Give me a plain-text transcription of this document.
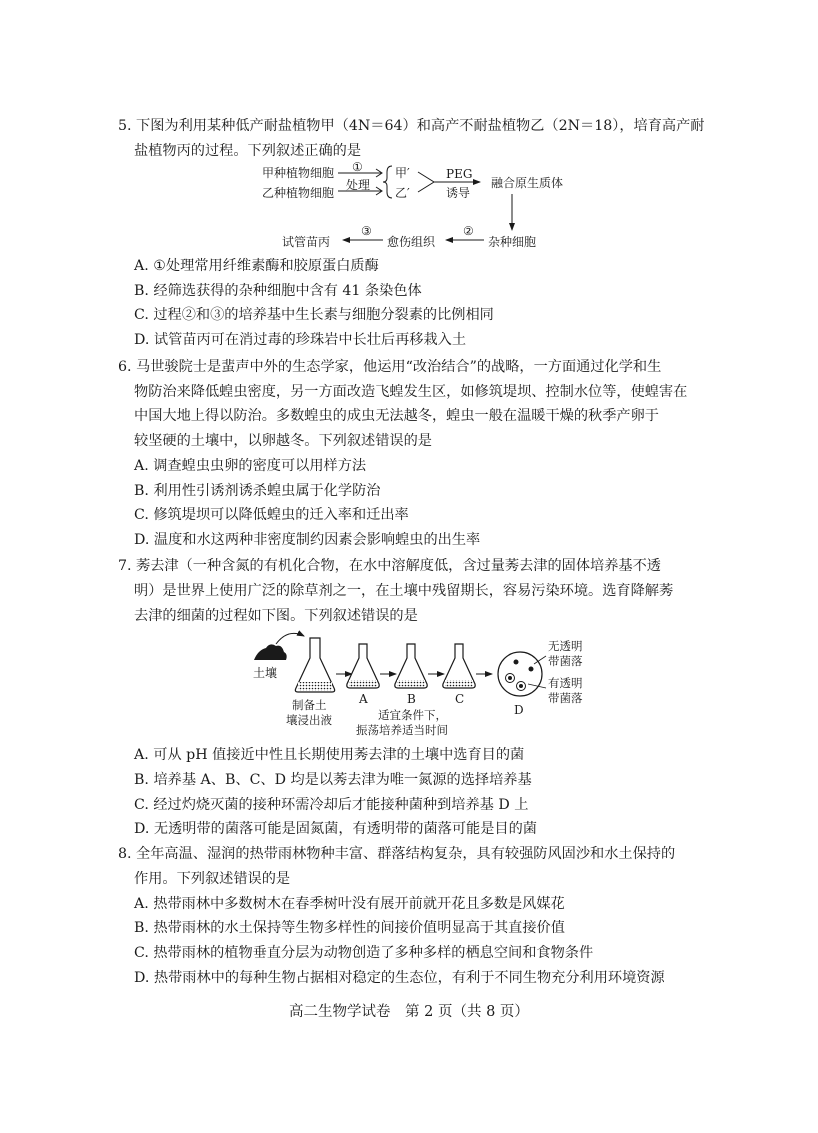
5. 下图为利用某种低产耐盐植物甲（4N＝64）和高产不耐盐植物乙（2N＝18），培育高产耐
盐植物丙的过程。下列叙述正确的是
甲种植物细胞
乙种植物细胞
①
处理
甲′
乙′
PEG
诱导
融合原生质体
杂种细胞
②
愈伤组织
③
试管苗丙
A. ①处理常用纤维素酶和胶原蛋白质酶
B. 经筛选获得的杂种细胞中含有 41 条染色体
C. 过程②和③的培养基中生长素与细胞分裂素的比例相同
D. 试管苗丙可在消过毒的珍珠岩中长壮后再移栽入土
6. 马世骏院士是蜚声中外的生态学家，他运用“改治结合”的战略，一方面通过化学和生
物防治来降低蝗虫密度，另一方面改造飞蝗发生区，如修筑堤坝、控制水位等，使蝗害在
中国大地上得以防治。多数蝗虫的成虫无法越冬，蝗虫一般在温暖干燥的秋季产卵于
较坚硬的土壤中，以卵越冬。下列叙述错误的是
A. 调查蝗虫虫卵的密度可以用样方法
B. 利用性引诱剂诱杀蝗虫属于化学防治
C. 修筑堤坝可以降低蝗虫的迁入率和迁出率
D. 温度和水这两种非密度制约因素会影响蝗虫的出生率
7. 莠去津（一种含氮的有机化合物，在水中溶解度低，含过量莠去津的固体培养基不透
明）是世界上使用广泛的除草剂之一，在土壤中残留期长，容易污染环境。选育降解莠
去津的细菌的过程如下图。下列叙述错误的是
土壤
制备土
壤浸出液
A	B	C
适宜条件下，
振荡培养适当时间
D
无透明
带菌落
有透明
带菌落
A. 可从 pH 值接近中性且长期使用莠去津的土壤中选育目的菌
B. 培养基 A、B、C、D 均是以莠去津为唯一氮源的选择培养基
C. 经过灼烧灭菌的接种环需冷却后才能接种菌种到培养基 D 上
D. 无透明带的菌落可能是固氮菌，有透明带的菌落可能是目的菌
8. 全年高温、湿润的热带雨林物种丰富、群落结构复杂，具有较强防风固沙和水土保持的
作用。下列叙述错误的是
A. 热带雨林中多数树木在春季树叶没有展开前就开花且多数是风媒花
B. 热带雨林的水土保持等生物多样性的间接价值明显高于其直接价值
C. 热带雨林的植物垂直分层为动物创造了多种多样的栖息空间和食物条件
D. 热带雨林中的每种生物占据相对稳定的生态位，有利于不同生物充分利用环境资源
高二生物学试卷　第 2 页（共 8 页）
